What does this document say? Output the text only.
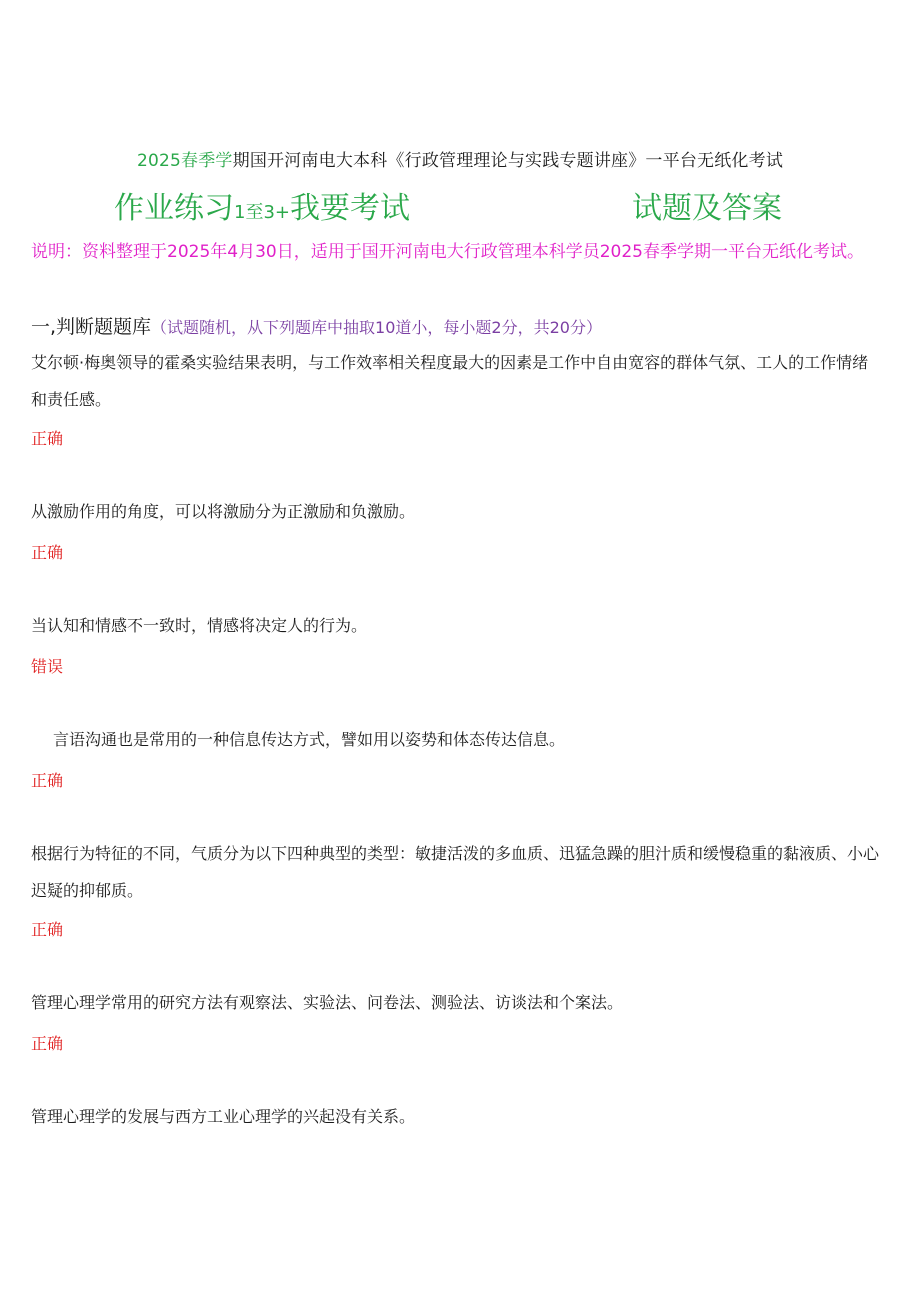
2025春季学期国开河南电大本科《行政管理理论与实践专题讲座》一平台无纸化考试
作业练习1至3+我要考试	试题及答案
说明：资料整理于2025年4月30日，适用于国开河南电大行政管理本科学员2025春季学期一平台无纸化考试。
一,判断题题库（试题随机，从下列题库中抽取10道小，每小题2分，共20分）
艾尔顿·梅奥领导的霍桑实验结果表明，与工作效率相关程度最大的因素是工作中自由宽容的群体气氛、工人的工作情绪和责任感。
正确
从激励作用的角度，可以将激励分为正激励和负激励。
正确
当认知和情感不一致时，情感将决定人的行为。
错误
言语沟通也是常用的一种信息传达方式，譬如用以姿势和体态传达信息。
正确
根据行为特征的不同，气质分为以下四种典型的类型：敏捷活泼的多血质、迅猛急躁的胆汁质和缓慢稳重的黏液质、小心迟疑的抑郁质。
正确
管理心理学常用的研究方法有观察法、实验法、问卷法、测验法、访谈法和个案法。
正确
管理心理学的发展与西方工业心理学的兴起没有关系。
